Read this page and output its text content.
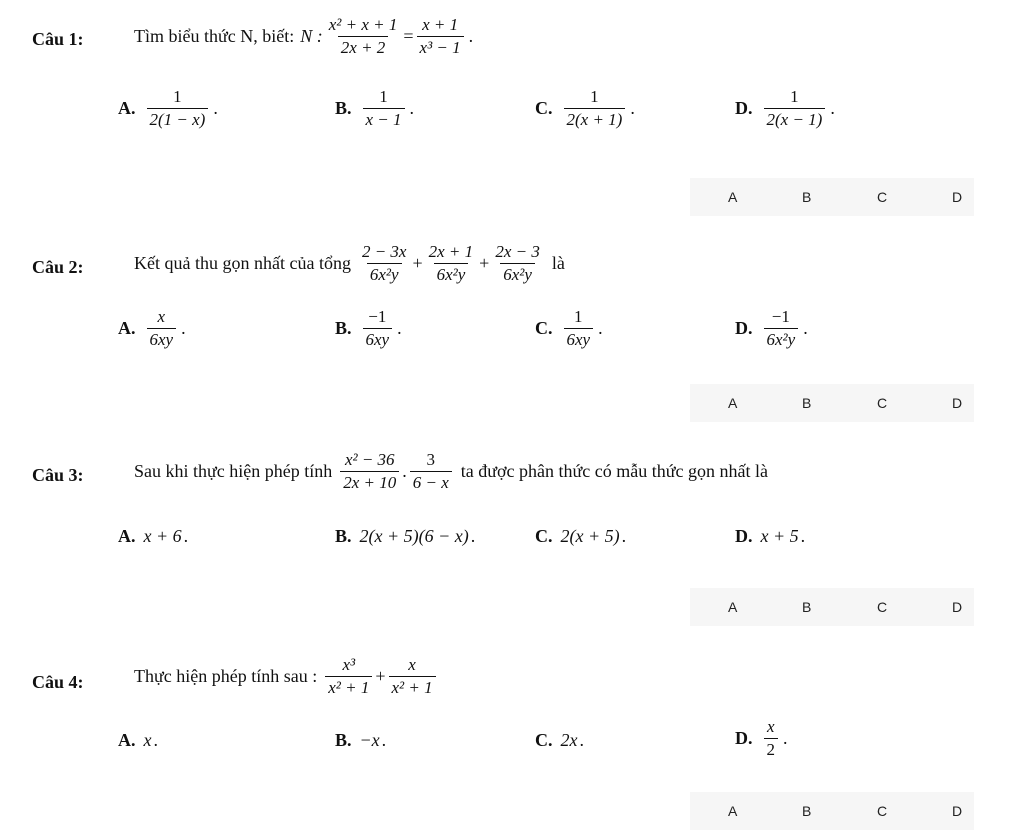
Câu 1:	Tìm biểu thức N, biết: N : $\frac{\text{x² + x + 1}}{2x + 2} = \frac{x + 1}{\text{x³ − 1}}$ .
A. $\frac{1}{2(1 - x)}$ .	B. $\frac{1}{x - 1}$ .	C. $\frac{1}{2(x + 1)}$ .	D. $\frac{1}{2(x - 1)}$ .
A	B	C	D
Câu 2:	Kết quả thu gọn nhất của tổng $\frac{2 - 3x}{\text{6x²y}} + \frac{2x + 1}{\text{6x²y}} + \frac{2x - 3}{\text{6x²y}}$ là
A. $\frac{x}{6xy}$ .	B. $\frac{-1}{6xy}$ .	C. $\frac{1}{6xy}$ .	D. $\frac{-1}{\text{6x²y}}$ .
A	B	C	D
Câu 3:	Sau khi thực hiện phép tính $\frac{\text{x² − 36}}{2x + 10}$ . $\frac{3}{6 - x}$ ta được phân thức có mẫu thức gọn nhất là
A. x + 6 .	B. 2(x + 5)(6 − x) .	C. 2(x + 5) .	D. x + 5 .
A	B	C	D
Câu 4:	Thực hiện phép tính sau : $\frac{\text{x³}}{\text{x² + 1}} + \frac{x}{\text{x² + 1}}$
A. x .	B. −x .	C. 2x .	D. $\frac{x}{2}$ .
A	B	C	D
